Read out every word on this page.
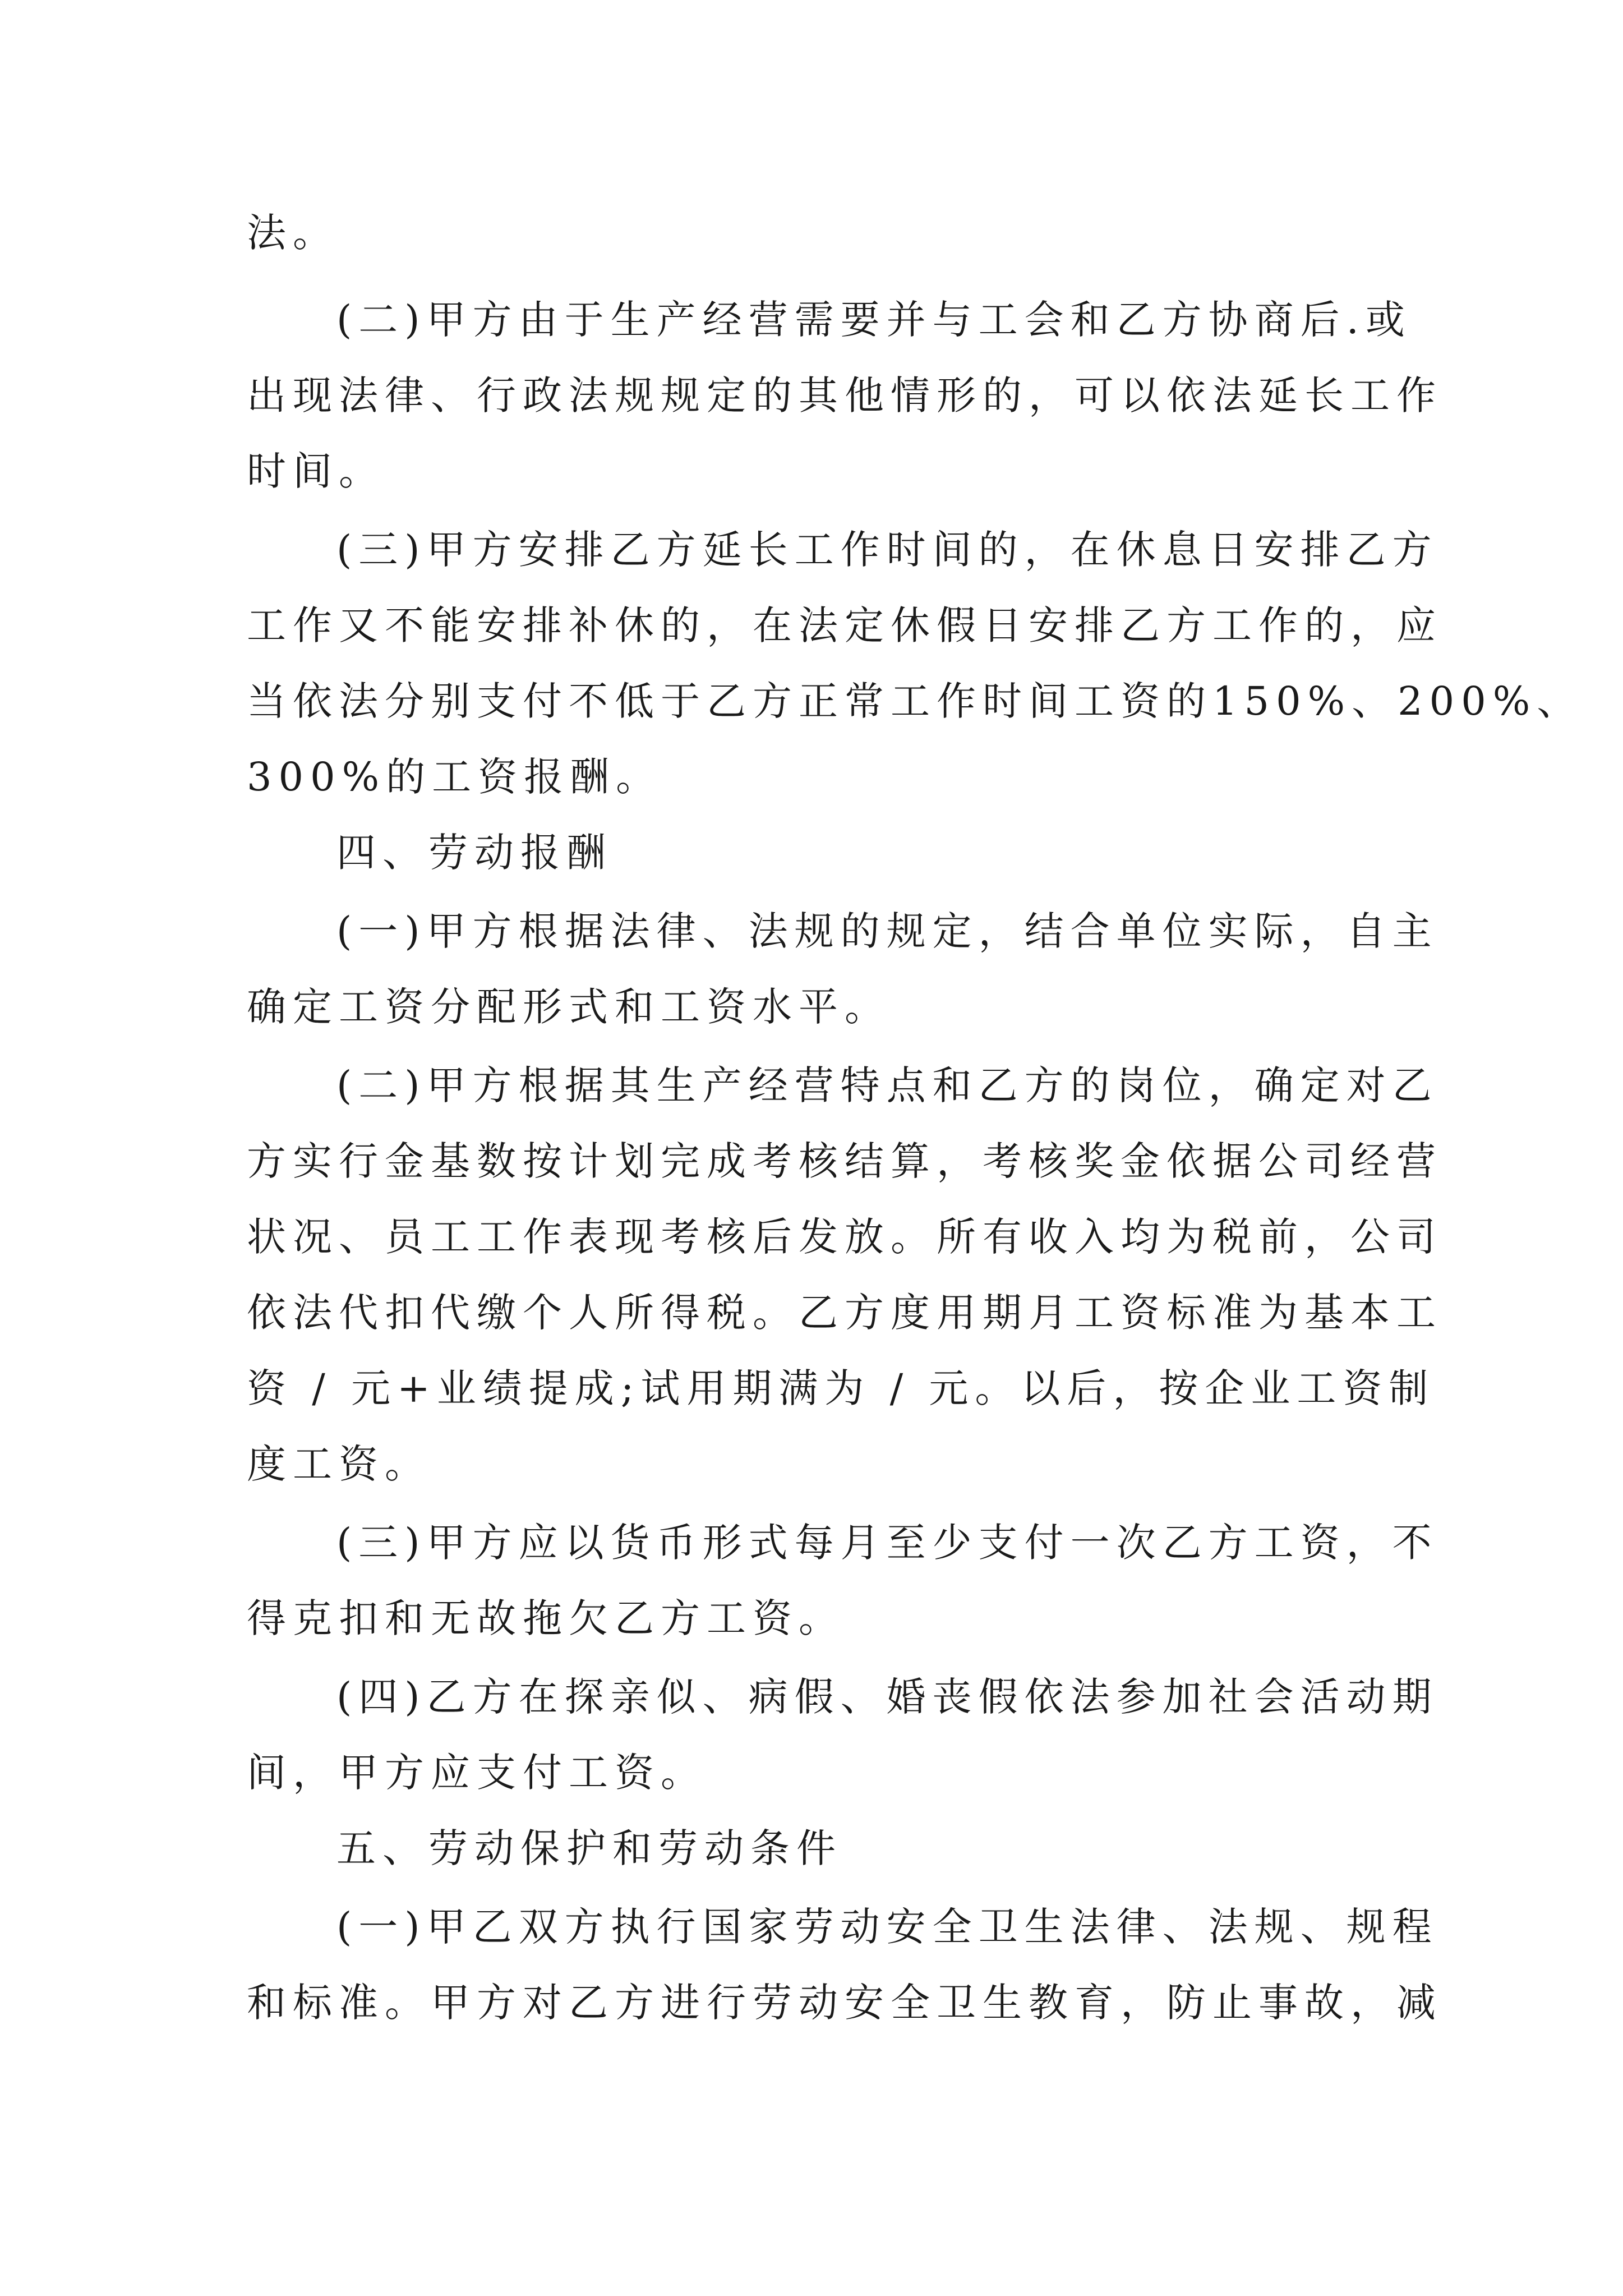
法。
(二)甲方由于生产经营需要并与工会和乙方协商后.或
出现法律、行政法规规定的其他情形的，可以依法延长工作
时间。
(三)甲方安排乙方延长工作时间的，在休息日安排乙方
工作又不能安排补休的，在法定休假日安排乙方工作的，应
当依法分别支付不低于乙方正常工作时间工资的150%、200%、
300%的工资报酬。
四、劳动报酬
(一)甲方根据法律、法规的规定，结合单位实际，自主
确定工资分配形式和工资水平。
(二)甲方根据其生产经营特点和乙方的岗位，确定对乙
方实行金基数按计划完成考核结算，考核奖金依据公司经营
状况、员工工作表现考核后发放。所有收入均为税前，公司
依法代扣代缴个人所得税。乙方度用期月工资标准为基本工
资 / 元+业绩提成;试用期满为 / 元。以后，按企业工资制
度工资。
(三)甲方应以货币形式每月至少支付一次乙方工资，不
得克扣和无故拖欠乙方工资。
(四)乙方在探亲似、病假、婚丧假依法参加社会活动期
间，甲方应支付工资。
五、劳动保护和劳动条件
(一)甲乙双方执行国家劳动安全卫生法律、法规、规程
和标准。甲方对乙方进行劳动安全卫生教育，防止事故，减
